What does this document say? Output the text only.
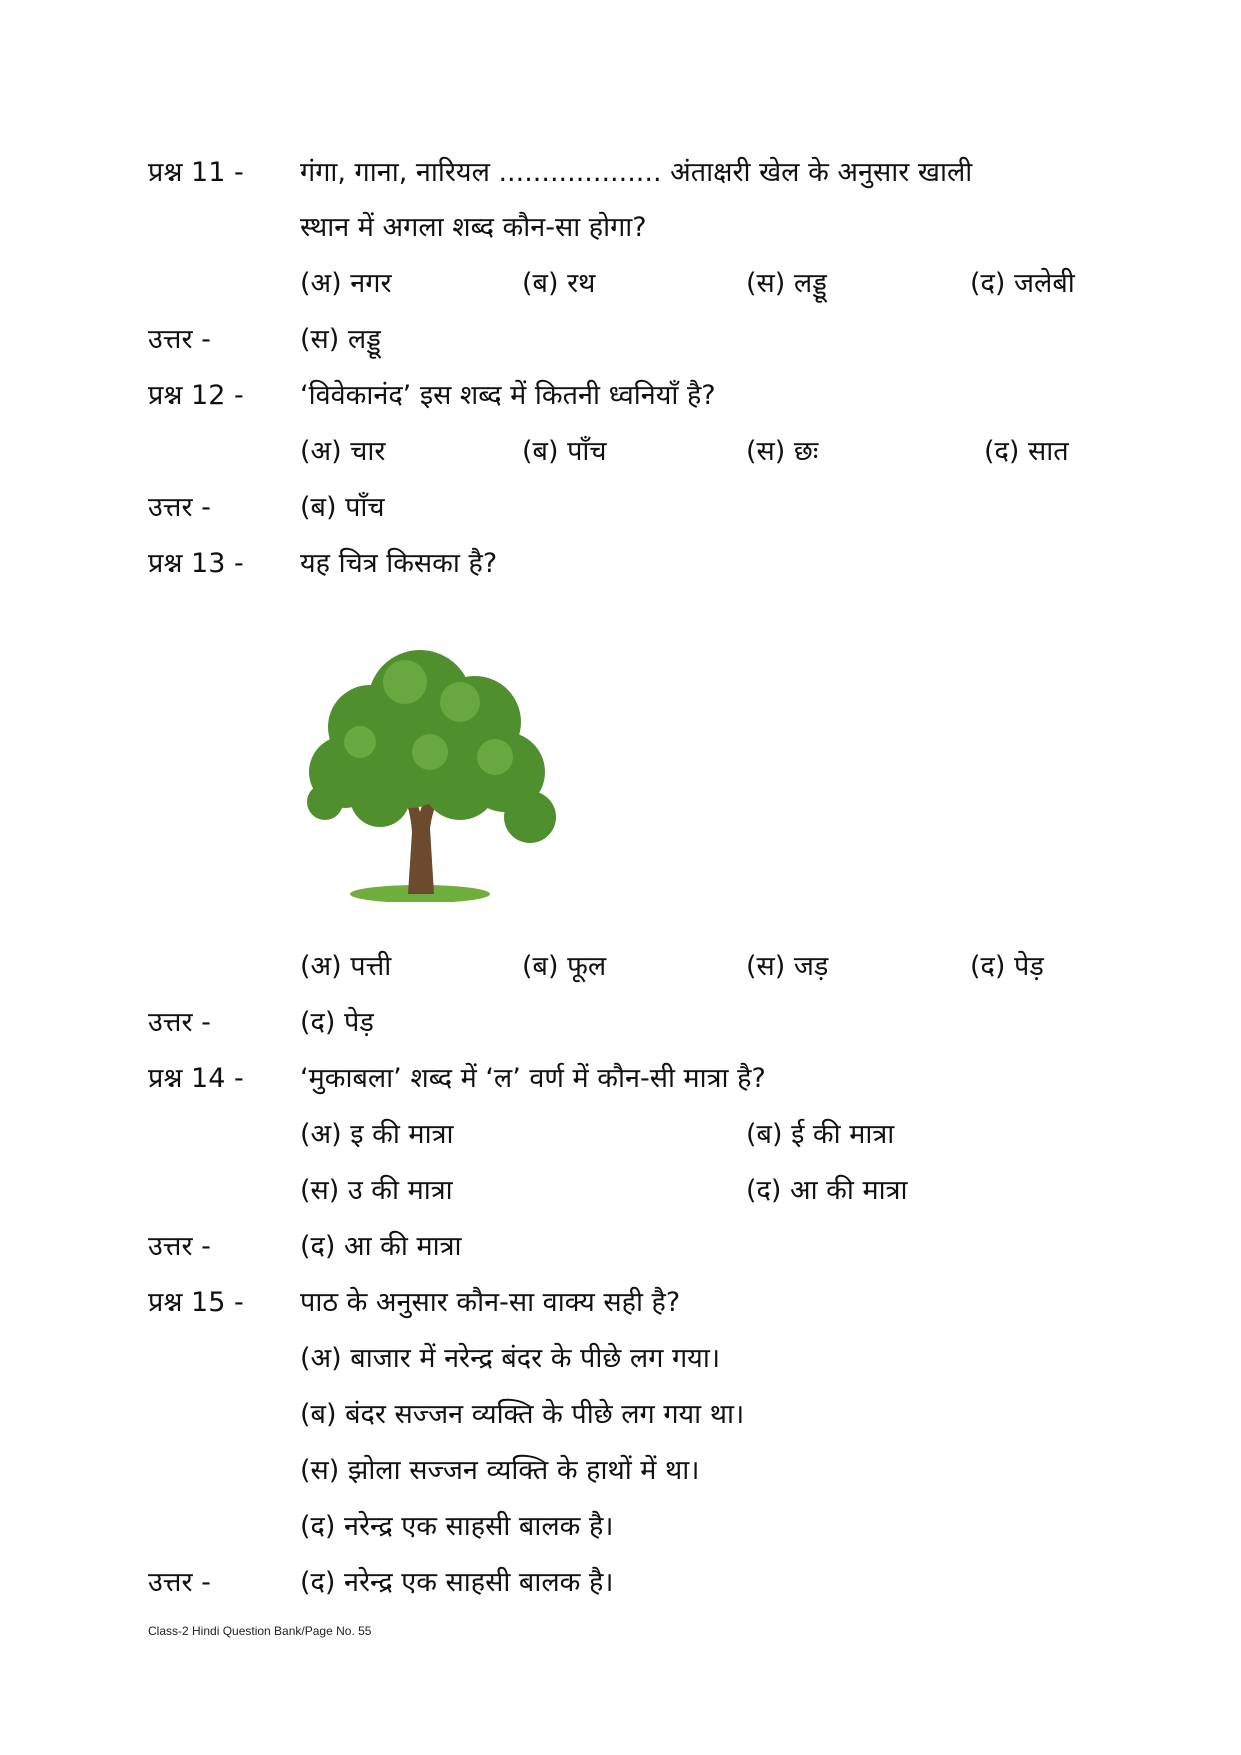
प्रश्न 11 - गंगा, गाना, नारियल ................... अंताक्षरी खेल के अनुसार खाली
स्थान में अगला शब्द कौन-सा होगा?
(अ) नगर	(ब) रथ	(स) लड्डू	(द) जलेबी
उत्तर -	(स) लड्डू
प्रश्न 12 - ‘विवेकानंद’ इस शब्द में कितनी ध्वनियाँ है?
(अ) चार	(ब) पाँच	(स) छः	(द) सात
उत्तर -	(ब) पाँच
प्रश्न 13 - यह चित्र किसका है?
(अ) पत्ती	(ब) फूल	(स) जड़	(द) पेड़
उत्तर -	(द) पेड़
प्रश्न 14 - ‘मुकाबला’ शब्द में ‘ल’ वर्ण में कौन-सी मात्रा है?
(अ) इ की मात्रा	(ब) ई की मात्रा
(स) उ की मात्रा	(द) आ की मात्रा
उत्तर -	(द) आ की मात्रा
प्रश्न 15 - पाठ के अनुसार कौन-सा वाक्य सही है?
(अ) बाजार में नरेन्द्र बंदर के पीछे लग गया।
(ब) बंदर सज्जन व्यक्ति के पीछे लग गया था।
(स) झोला सज्जन व्यक्ति के हाथों में था।
(द) नरेन्द्र एक साहसी बालक है।
उत्तर -	(द) नरेन्द्र एक साहसी बालक है।
Class-2 Hindi Question Bank/Page No. 55
